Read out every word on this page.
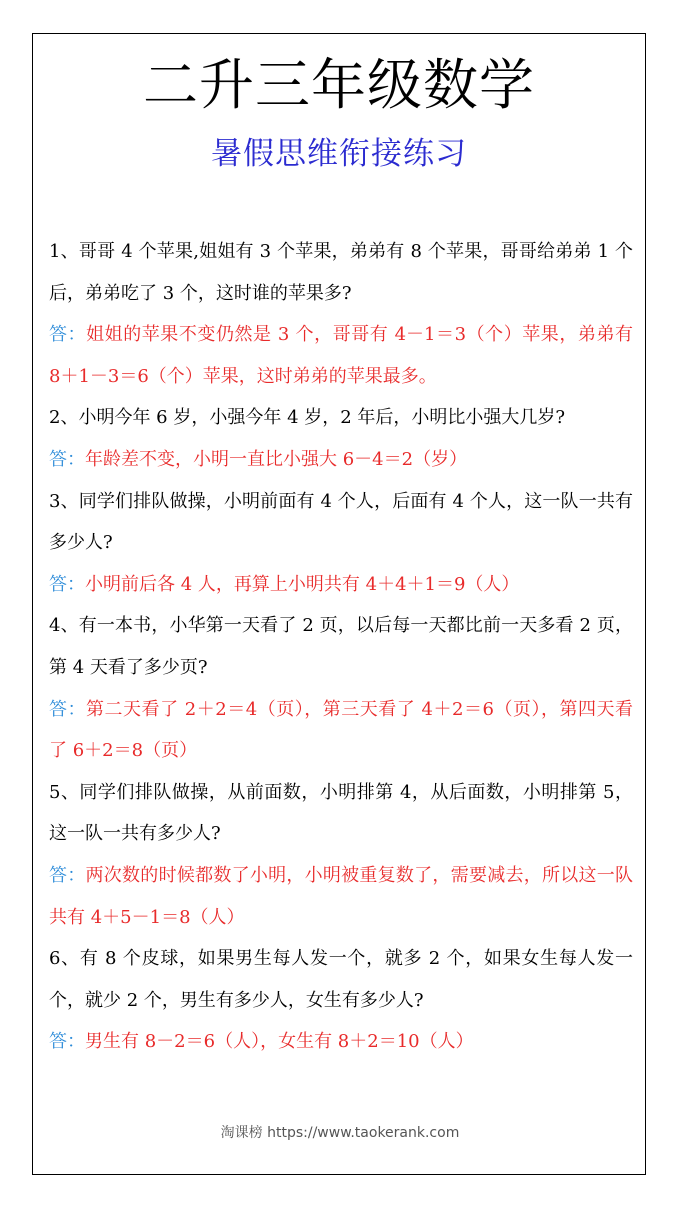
二升三年级数学
暑假思维衔接练习
1、哥哥 4 个苹果,姐姐有 3 个苹果，弟弟有 8 个苹果，哥哥给弟弟 1 个后，弟弟吃了 3 个，这时谁的苹果多?
答：姐姐的苹果不变仍然是 3 个，哥哥有 4－1＝3（个）苹果，弟弟有 8＋1－3＝6（个）苹果，这时弟弟的苹果最多。
2、小明今年 6 岁，小强今年 4 岁，2 年后，小明比小强大几岁?
答：年龄差不变，小明一直比小强大 6－4＝2（岁）
3、同学们排队做操，小明前面有 4 个人，后面有 4 个人，这一队一共有多少人?
答：小明前后各 4 人，再算上小明共有 4＋4＋1＝9（人）
4、有一本书，小华第一天看了 2 页，以后每一天都比前一天多看 2 页，第 4 天看了多少页?
答：第二天看了 2＋2＝4（页），第三天看了 4＋2＝6（页），第四天看了 6＋2＝8（页）
5、同学们排队做操，从前面数，小明排第 4，从后面数，小明排第 5，这一队一共有多少人?
答：两次数的时候都数了小明，小明被重复数了，需要减去，所以这一队共有 4＋5－1＝8（人）
6、有 8 个皮球，如果男生每人发一个，就多 2 个，如果女生每人发一个，就少 2 个，男生有多少人，女生有多少人?
答：男生有 8－2＝6（人），女生有 8＋2＝10（人）
淘课榜 https://www.taokerank.com
